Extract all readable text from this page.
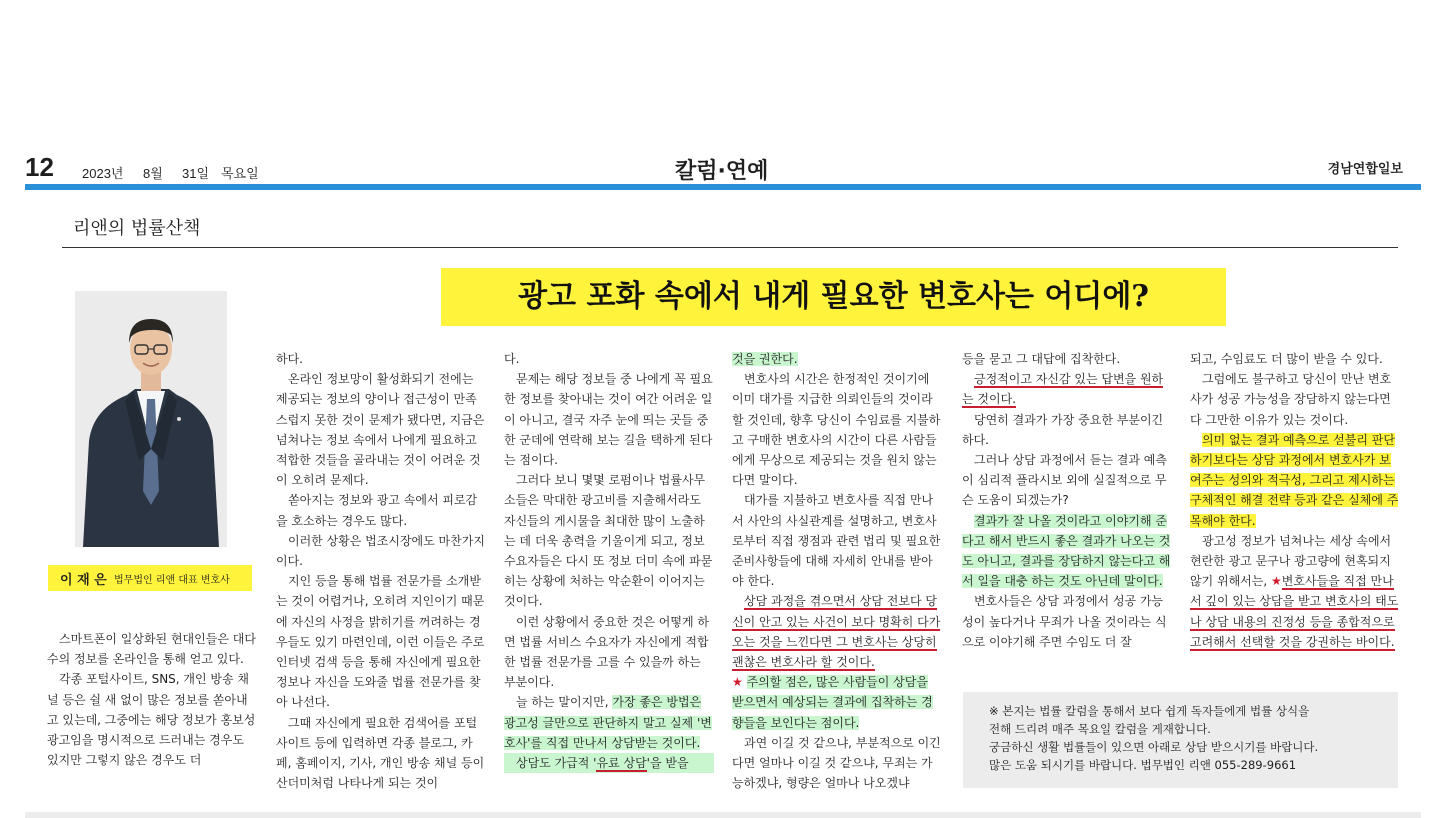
12 2023년 8월 31일 목요일	칼럼·연예	경남연합일보
리앤의 법률산책
광고 포화 속에서 내게 필요한 변호사는 어디에?
이 재 은 법무법인 리앤 대표 변호사

스마트폰이 일상화된 현대인들은 대다수의 정보를 온라인을 통해 얻고 있다.

각종 포털사이트, SNS, 개인 방송 채널 등은 쉴 새 없이 많은 정보를 쏟아내고 있는데, 그중에는 해당 정보가 홍보성 광고임을 명시적으로 드러내는 경우도 있지만 그렇지 않은 경우도 더

하다.

온라인 정보망이 활성화되기 전에는 제공되는 정보의 양이나 접근성이 만족스럽지 못한 것이 문제가 됐다면, 지금은 넘쳐나는 정보 속에서 나에게 필요하고 적합한 것들을 골라내는 것이 어려운 것이 오히려 문제다.

쏟아지는 정보와 광고 속에서 피로감을 호소하는 경우도 많다.

이러한 상황은 법조시장에도 마찬가지이다.

지인 등을 통해 법률 전문가를 소개받는 것이 어렵거나, 오히려 지인이기 때문에 자신의 사정을 밝히기를 꺼려하는 경우들도 있기 마련인데, 이런 이들은 주로 인터넷 검색 등을 통해 자신에게 필요한 정보나 자신을 도와줄 법률 전문가를 찾아 나선다.

그때 자신에게 필요한 검색어를 포털사이트 등에 입력하면 각종 블로그, 카페, 홈페이지, 기사, 개인 방송 채널 등이 산더미처럼 나타나게 되는 것이

다.

문제는 해당 정보들 중 나에게 꼭 필요한 정보를 찾아내는 것이 여간 어려운 일이 아니고, 결국 자주 눈에 띄는 곳들 중 한 군데에 연락해 보는 길을 택하게 된다는 점이다.

그러다 보니 몇몇 로펌이나 법률사무소들은 막대한 광고비를 지출해서라도 자신들의 게시물을 최대한 많이 노출하는 데 더욱 총력을 기울이게 되고, 정보 수요자들은 다시 또 정보 더미 속에 파묻히는 상황에 처하는 악순환이 이어지는 것이다.

이런 상황에서 중요한 것은 어떻게 하면 법률 서비스 수요자가 자신에게 적합한 법률 전문가를 고를 수 있을까 하는 부분이다.

늘 하는 말이지만, 가장 좋은 방법은 광고성 글만으로 판단하지 말고 실제 '변호사'를 직접 만나서 상담받는 것이다.

상담도 가급적 '유료 상담'을 받을

것을 권한다.

변호사의 시간은 한정적인 것이기에 이미 대가를 지급한 의뢰인들의 것이라 할 것인데, 향후 당신이 수임료를 지불하고 구매한 변호사의 시간이 다른 사람들에게 무상으로 제공되는 것을 원치 않는다면 말이다.

대가를 지불하고 변호사를 직접 만나서 사안의 사실관계를 설명하고, 변호사로부터 직접 쟁점과 관련 법리 및 필요한 준비사항들에 대해 자세히 안내를 받아야 한다.

상담 과정을 겪으면서 상담 전보다 당신이 안고 있는 사건이 보다 명확히 다가오는 것을 느낀다면 그 변호사는 상당히 괜찮은 변호사라 할 것이다.

★ 주의할 점은, 많은 사람들이 상담을 받으면서 예상되는 결과에 집착하는 경향들을 보인다는 점이다.

과연 이길 것 같으냐, 부분적으로 이긴다면 얼마나 이길 것 같으냐, 무죄는 가능하겠냐, 형량은 얼마나 나오겠냐

등을 묻고 그 대답에 집착한다.

긍정적이고 자신감 있는 답변을 원하는 것이다.

당연히 결과가 가장 중요한 부분이긴 하다.

그러나 상담 과정에서 듣는 결과 예측이 심리적 플라시보 외에 실질적으로 무슨 도움이 되겠는가?

결과가 잘 나올 것이라고 이야기해 준다고 해서 반드시 좋은 결과가 나오는 것도 아니고, 결과를 장담하지 않는다고 해서 일을 대충 하는 것도 아닌데 말이다.

변호사들은 상담 과정에서 성공 가능성이 높다거나 무죄가 나올 것이라는 식으로 이야기해 주면 수임도 더 잘

되고, 수임료도 더 많이 받을 수 있다.

그럼에도 불구하고 당신이 만난 변호사가 성공 가능성을 장담하지 않는다면 다 그만한 이유가 있는 것이다.

의미 없는 결과 예측으로 섣불리 판단하기보다는 상담 과정에서 변호사가 보여주는 성의와 적극성, 그리고 제시하는 구체적인 해결 전략 등과 같은 실체에 주목해야 한다.

광고성 정보가 넘쳐나는 세상 속에서 현란한 광고 문구나 광고량에 현혹되지 않기 위해서는, ★변호사들을 직접 만나서 깊이 있는 상담을 받고 변호사의 태도나 상담 내용의 진정성 등을 종합적으로 고려해서 선택할 것을 강권하는 바이다.

※ 본지는 법률 칼럼을 통해서 보다 쉽게 독자들에게 법률 상식을
전해 드리려 매주 목요일 칼럼을 게재합니다.
궁금하신 생활 법률들이 있으면 아래로 상담 받으시기를 바랍니다.
많은 도움 되시기를 바랍니다. 법무법인 리앤 055-289-9661
